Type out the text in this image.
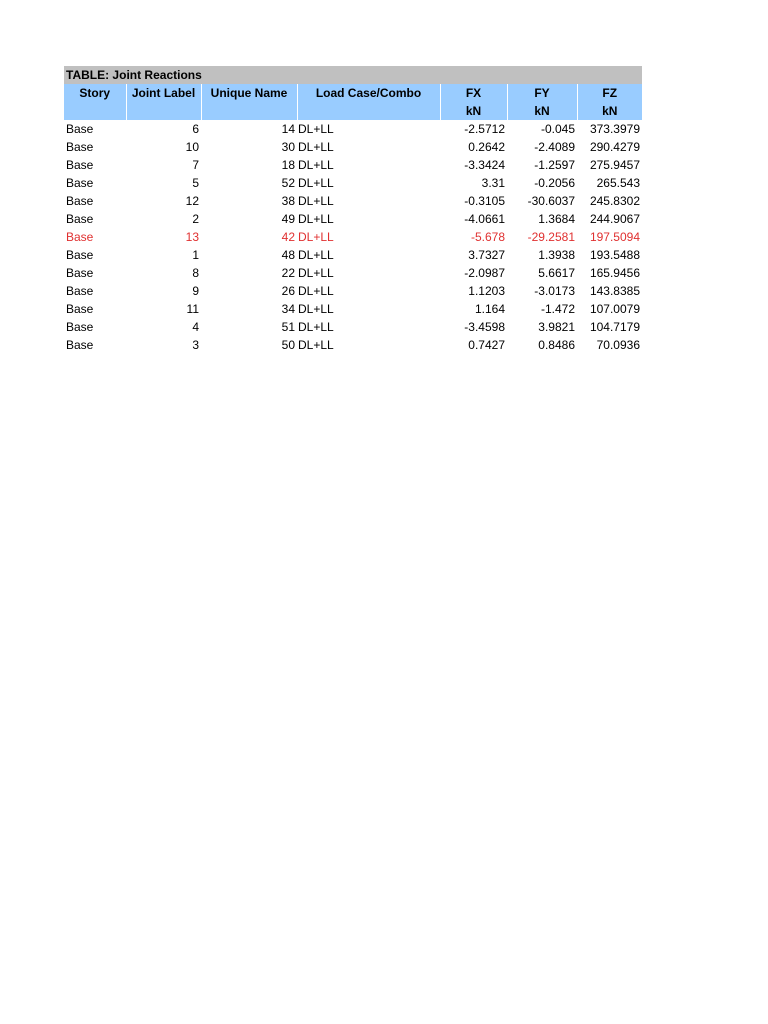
TABLE: Joint Reactions						
Story	Joint Label	Unique Name	Load Case/Combo	FX	FY	FZ
				kN	kN	kN
Base	6	14	DL+LL	-2.5712	-0.045	373.3979
Base	10	30	DL+LL	0.2642	-2.4089	290.4279
Base	7	18	DL+LL	-3.3424	-1.2597	275.9457
Base	5	52	DL+LL	3.31	-0.2056	265.543
Base	12	38	DL+LL	-0.3105	-30.6037	245.8302
Base	2	49	DL+LL	-4.0661	1.3684	244.9067
Base	13	42	DL+LL	-5.678	-29.2581	197.5094
Base	1	48	DL+LL	3.7327	1.3938	193.5488
Base	8	22	DL+LL	-2.0987	5.6617	165.9456
Base	9	26	DL+LL	1.1203	-3.0173	143.8385
Base	11	34	DL+LL	1.164	-1.472	107.0079
Base	4	51	DL+LL	-3.4598	3.9821	104.7179
Base	3	50	DL+LL	0.7427	0.8486	70.0936
